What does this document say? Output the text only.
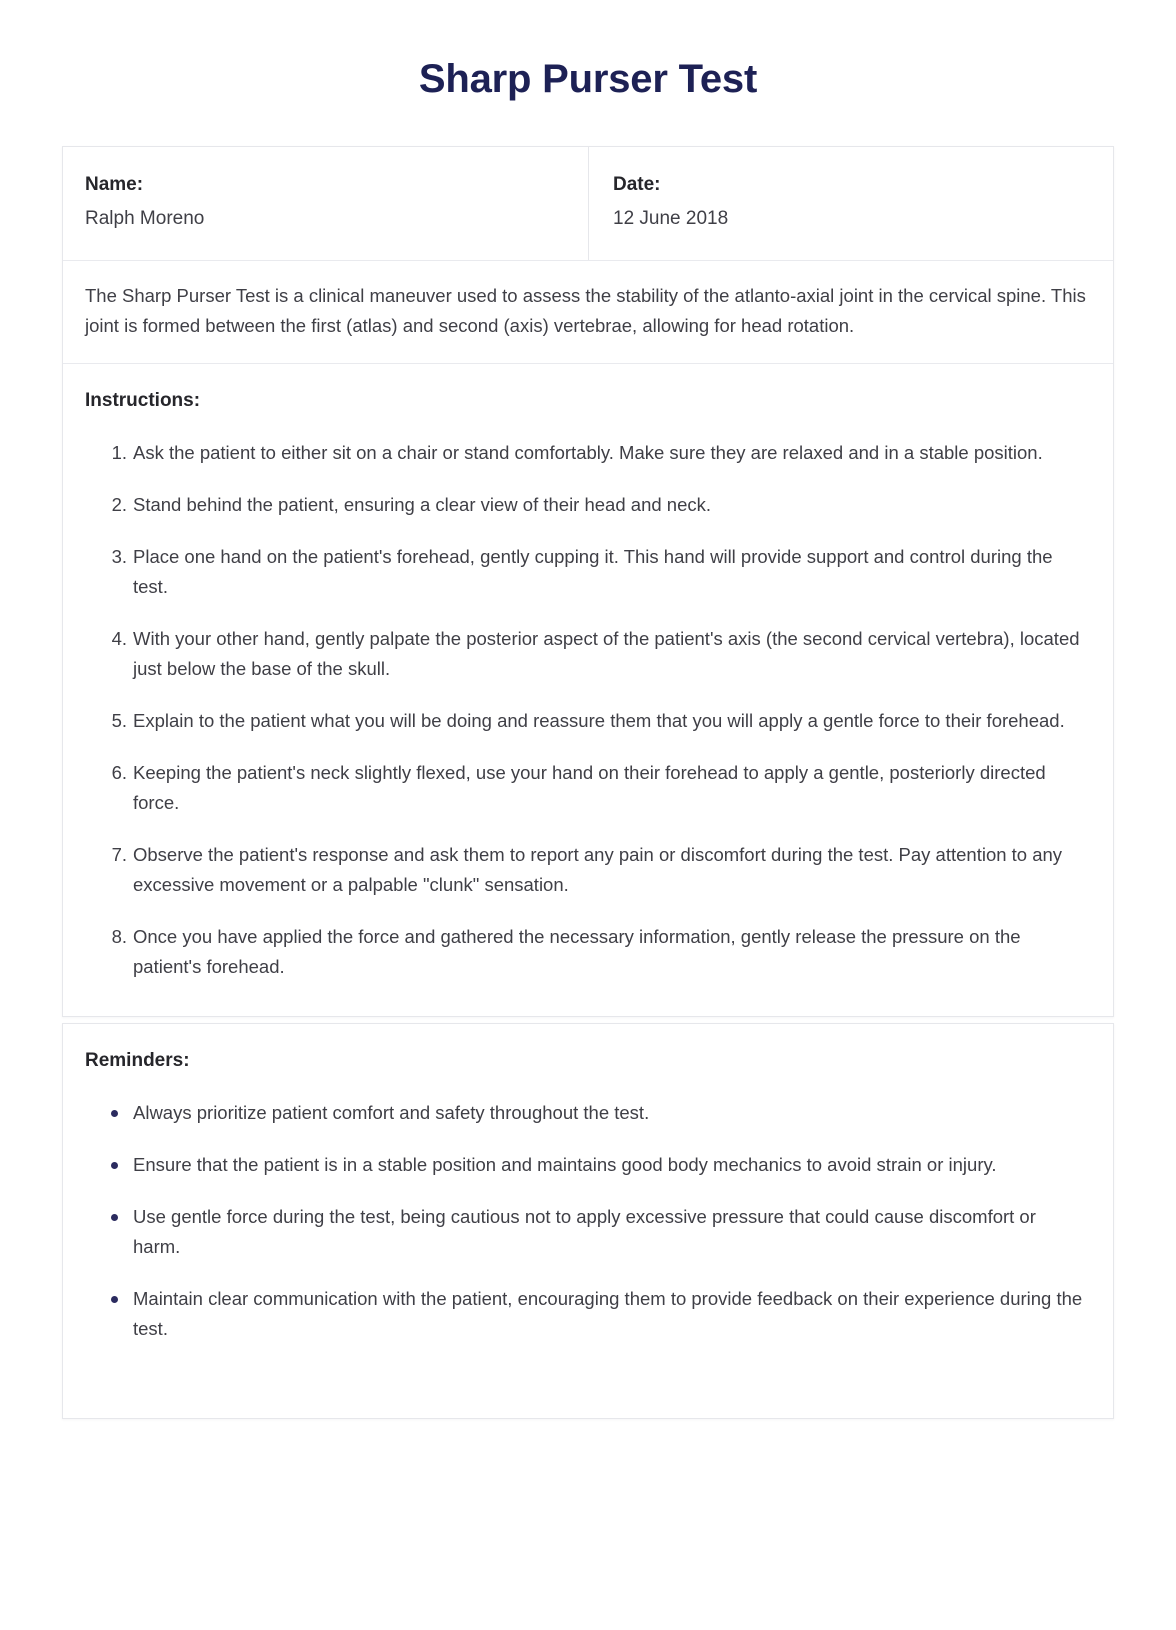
Sharp Purser Test

Name:

Ralph Moreno

Date:

12 June 2018

The Sharp Purser Test is a clinical maneuver used to assess the stability of the atlanto-axial joint in the cervical spine. This joint is formed between the first (atlas) and second (axis) vertebrae, allowing for head rotation.

Instructions:
Ask the patient to either sit on a chair or stand comfortably. Make sure they are relaxed and in a stable position.
Stand behind the patient, ensuring a clear view of their head and neck.
Place one hand on the patient's forehead, gently cupping it. This hand will provide support and control during the test.
With your other hand, gently palpate the posterior aspect of the patient's axis (the second cervical vertebra), located just below the base of the skull.
Explain to the patient what you will be doing and reassure them that you will apply a gentle force to their forehead.
Keeping the patient's neck slightly flexed, use your hand on their forehead to apply a gentle, posteriorly directed force.
Observe the patient's response and ask them to report any pain or discomfort during the test. Pay attention to any excessive movement or a palpable "clunk" sensation.
Once you have applied the force and gathered the necessary information, gently release the pressure on the patient's forehead.
Reminders:
Always prioritize patient comfort and safety throughout the test.
Ensure that the patient is in a stable position and maintains good body mechanics to avoid strain or injury.
Use gentle force during the test, being cautious not to apply excessive pressure that could cause discomfort or harm.
Maintain clear communication with the patient, encouraging them to provide feedback on their experience during the test.
